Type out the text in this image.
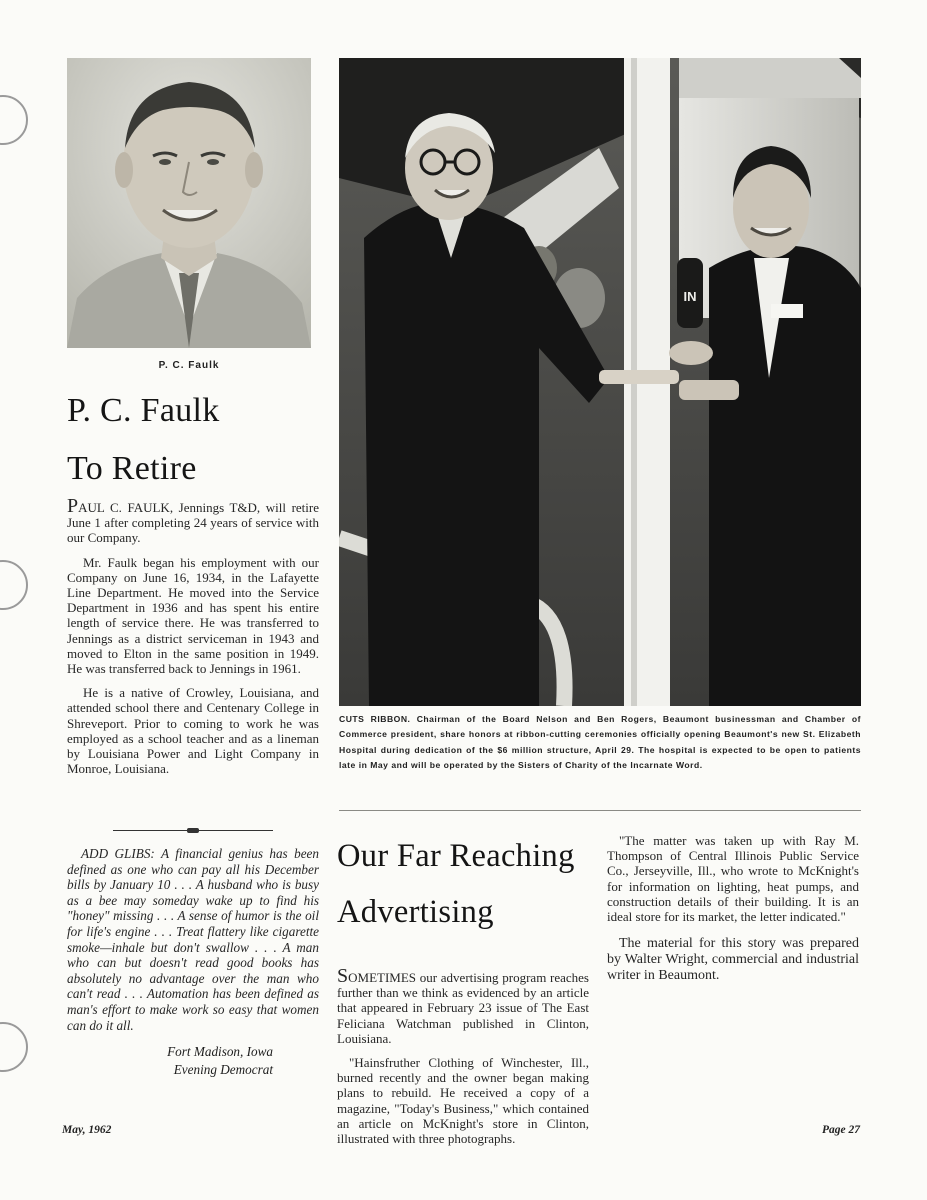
P. C. Faulk
P. C. Faulk
To Retire

PAUL C. FAULK, Jennings T&D, will retire June 1 after completing 24 years of service with our Company.

Mr. Faulk began his employment with our Company on June 16, 1934, in the Lafayette Line Department. He moved into the Service Department in 1936 and has spent his entire length of service there. He was transferred to Jennings as a district serviceman in 1943 and moved to Elton in the same position in 1949. He was transferred back to Jennings in 1961.

He is a native of Crowley, Louisiana, and attended school there and Centenary College in Shreveport. Prior to coming to work he was employed as a school teacher and as a lineman by Louisiana Power and Light Company in Monroe, Louisiana.

ADD GLIBS: A financial genius has been defined as one who can pay all his December bills by January 10 . . . A husband who is busy as a bee may someday wake up to find his "honey" missing . . . A sense of humor is the oil for life's engine . . . Treat flattery like cigarette smoke—inhale but don't swallow . . . A man who can but doesn't read good books has absolutely no advantage over the man who can't read . . . Automation has been defined as man's effort to make work so easy that women can do it all.

Fort Madison, Iowa
Evening Democrat
IN

CUTS RIBBON. Chairman of the Board Nelson and Ben Rogers, Beaumont businessman and Chamber of Commerce president, share honors at ribbon-cutting ceremonies officially opening Beaumont's new St. Elizabeth Hospital during dedication of the $6 million structure, April 29. The hospital is expected to be open to patients late in May and will be operated by the Sisters of Charity of the Incarnate Word.

Our Far Reaching
Advertising

SOMETIMES our advertising program reaches further than we think as evidenced by an article that appeared in February 23 issue of The East Feliciana Watchman published in Clinton, Louisiana.

"Hainsfruther Clothing of Winchester, Ill., burned recently and the owner began making plans to rebuild. He received a copy of a magazine, "Today's Business," which contained an article on McKnight's store in Clinton, illustrated with three photographs.

"The matter was taken up with Ray M. Thompson of Central Illinois Public Service Co., Jerseyville, Ill., who wrote to McKnight's for information on lighting, heat pumps, and construction details of their building. It is an ideal store for its market, the letter indicated."

The material for this story was prepared by Walter Wright, commercial and industrial writer in Beaumont.

May, 1962	Page 27
